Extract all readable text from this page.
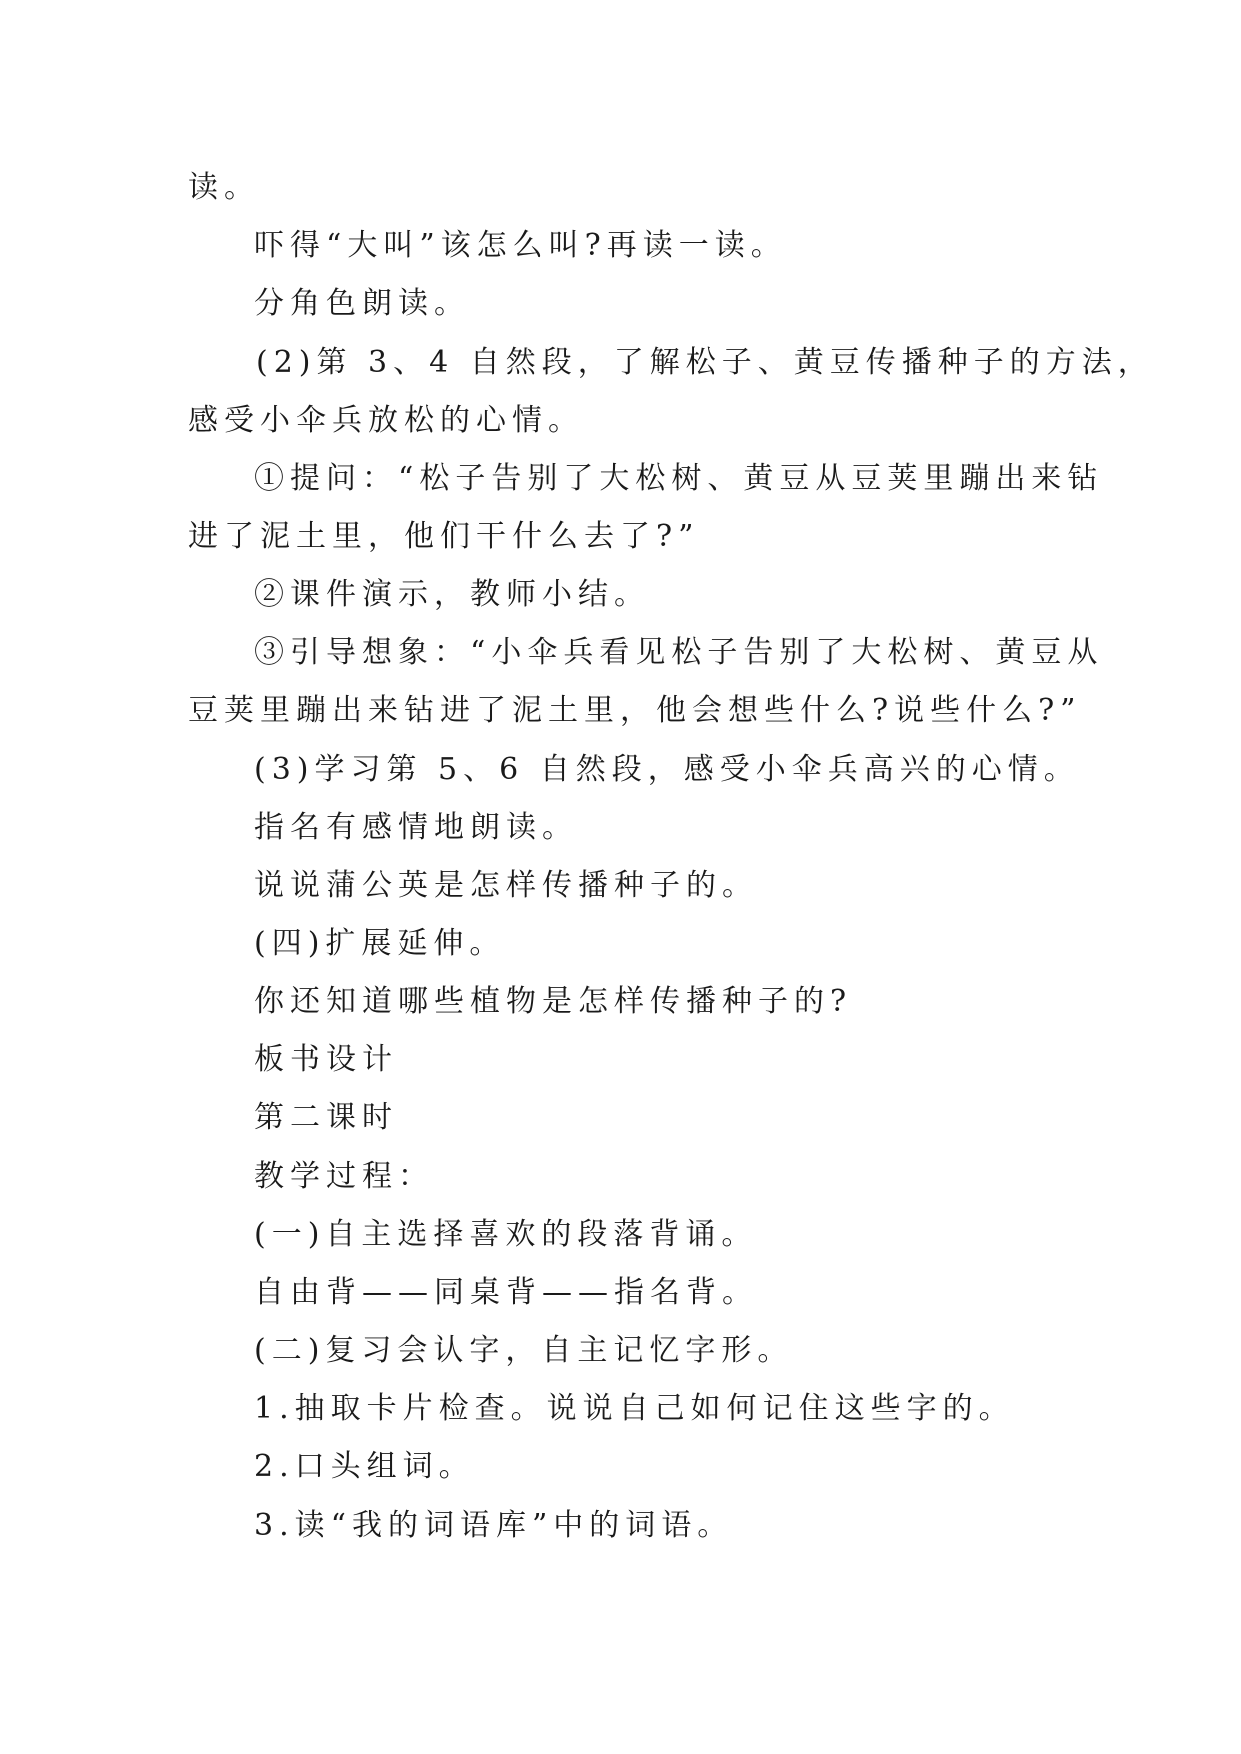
读。
吓得“大叫”该怎么叫?再读一读。
分角色朗读。
(2)第 3、4 自然段，了解松子、黄豆传播种子的方法，
感受小伞兵放松的心情。
①提问：“松子告别了大松树、黄豆从豆荚里蹦出来钻
进了泥土里，他们干什么去了?”
②课件演示，教师小结。
③引导想象：“小伞兵看见松子告别了大松树、黄豆从
豆荚里蹦出来钻进了泥土里，他会想些什么?说些什么?”
(3)学习第 5、6 自然段，感受小伞兵高兴的心情。
指名有感情地朗读。
说说蒲公英是怎样传播种子的。
(四)扩展延伸。
你还知道哪些植物是怎样传播种子的?
板书设计
第二课时
教学过程：
(一)自主选择喜欢的段落背诵。
自由背——同桌背——指名背。
(二)复习会认字，自主记忆字形。
1.抽取卡片检查。说说自己如何记住这些字的。
2.口头组词。
3.读“我的词语库”中的词语。
